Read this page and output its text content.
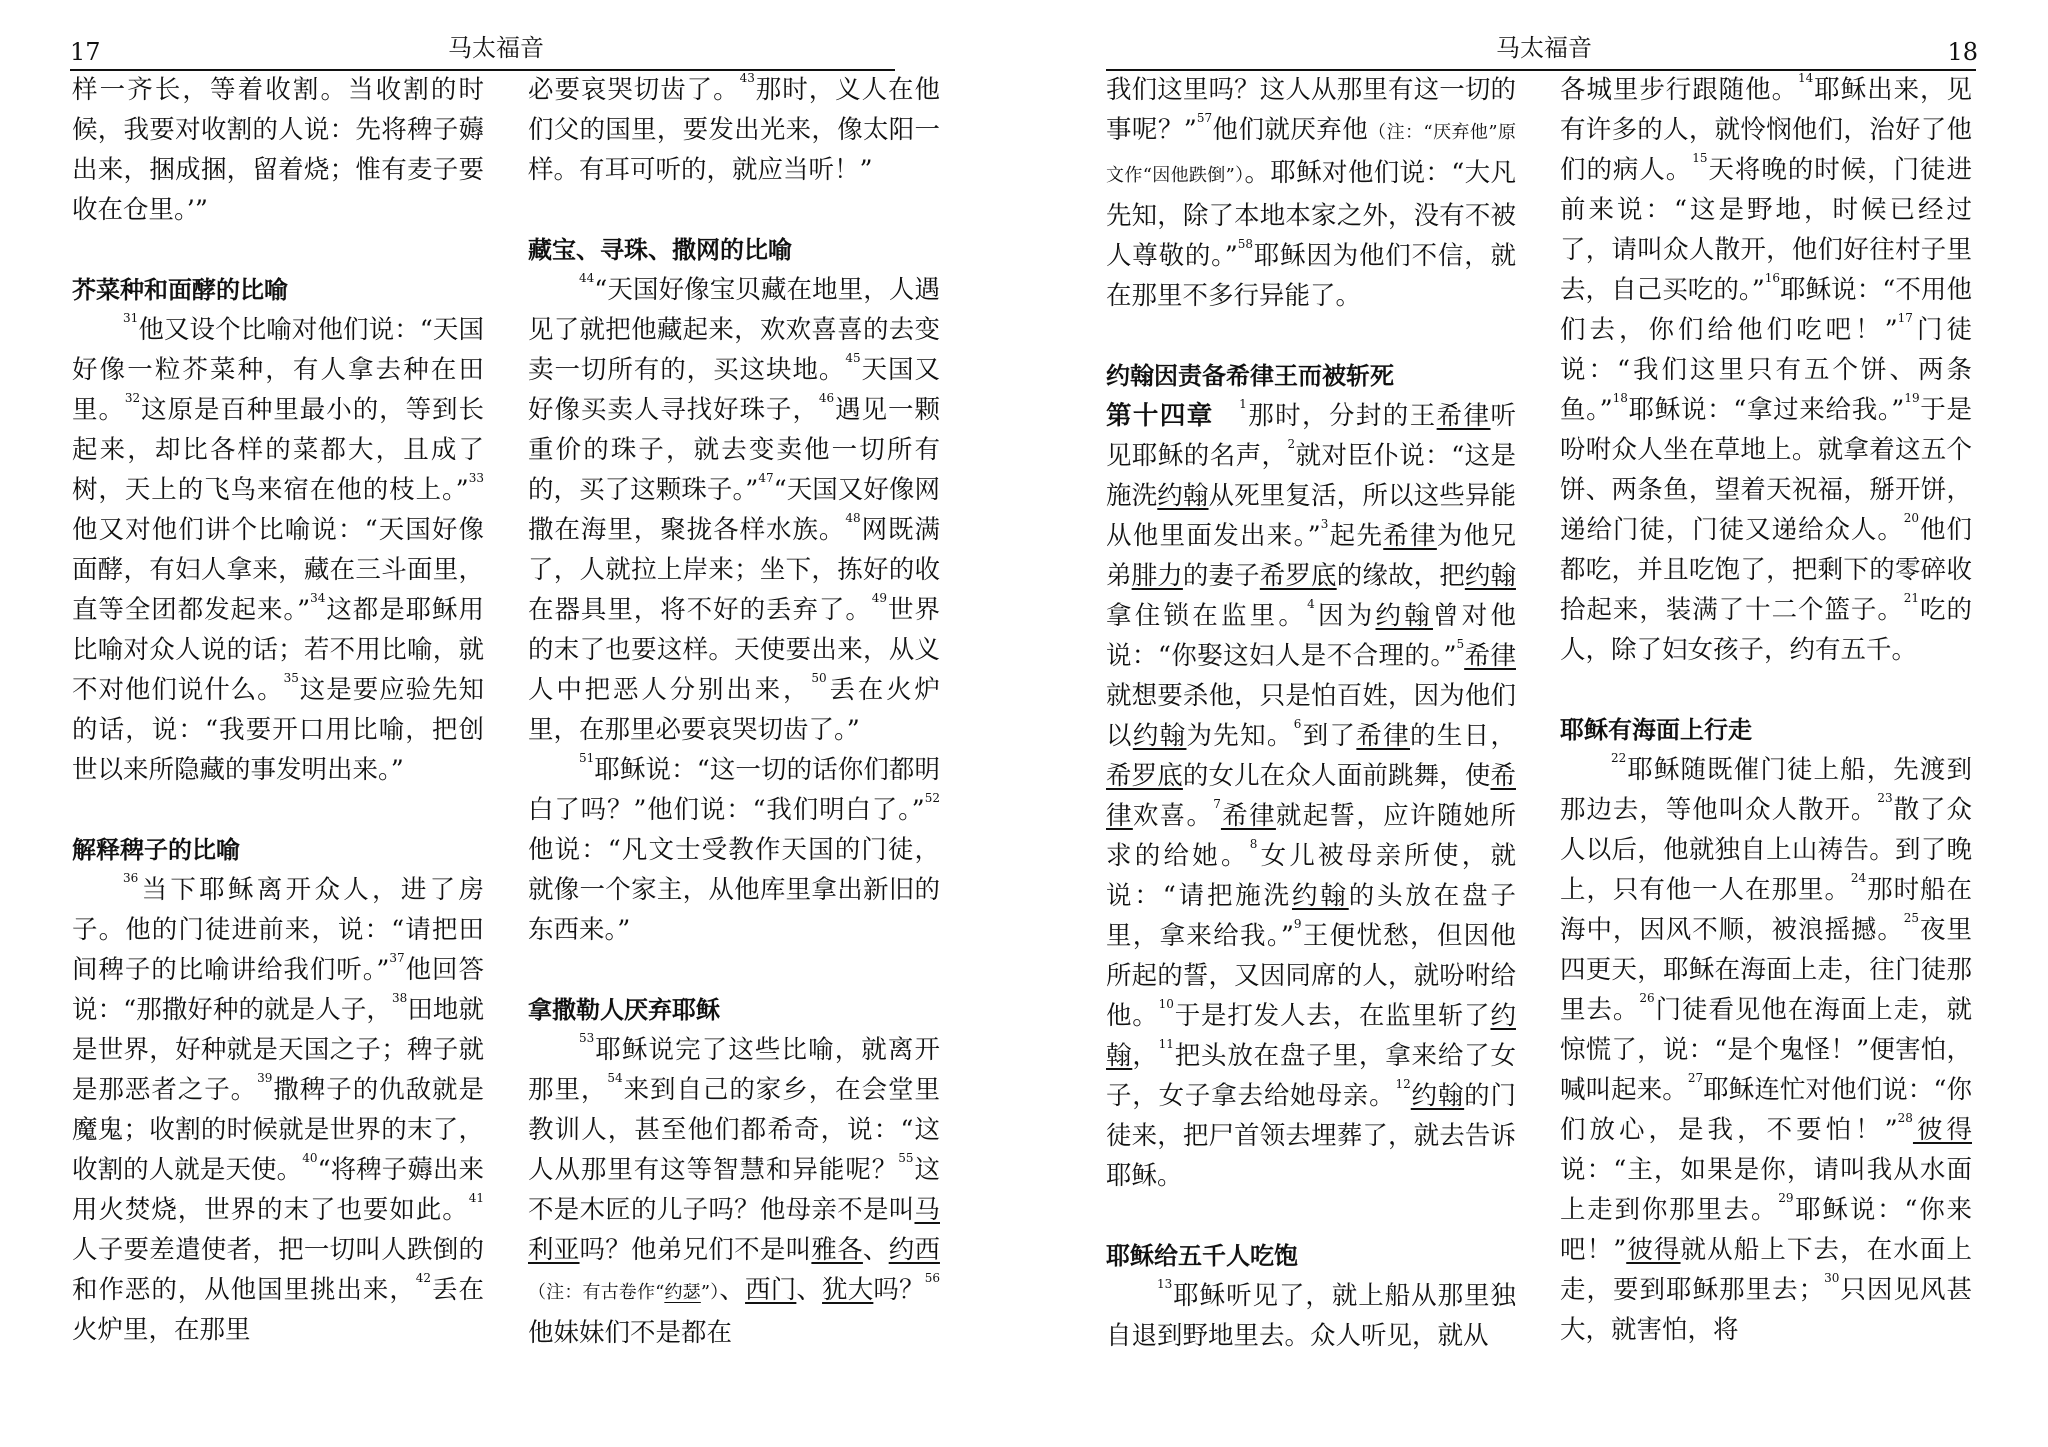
17	马太福音

样一齐长，等着收割。当收割的时候，我要对收割的人说：先将稗子薅出来，捆成捆，留着烧；惟有麦子要收在仓里。’”

芥菜种和面酵的比喻

$^{31}$他又设个比喻对他们说：“天国好像一粒芥菜种，有人拿去种在田里。$^{32}$这原是百种里最小的，等到长起来，却比各样的菜都大，且成了树，天上的飞鸟来宿在他的枝上。”$^{33}$他又对他们讲个比喻说：“天国好像面酵，有妇人拿来，藏在三斗面里，直等全团都发起来。”$^{34}$这都是耶稣用比喻对众人说的话；若不用比喻，就不对他们说什么。$^{35}$这是要应验先知的话，说：“我要开口用比喻，把创世以来所隐藏的事发明出来。”

解释稗子的比喻

$^{36}$当下耶稣离开众人，进了房子。他的门徒进前来，说：“请把田间稗子的比喻讲给我们听。”$^{37}$他回答说：“那撒好种的就是人子，$^{38}$田地就是世界，好种就是天国之子；稗子就是那恶者之子。$^{39}$撒稗子的仇敌就是魔鬼；收割的时候就是世界的末了，收割的人就是天使。$^{40}$“将稗子薅出来用火焚烧，世界的末了也要如此。$^{41}$人子要差遣使者，把一切叫人跌倒的和作恶的，从他国里挑出来，$^{42}$丢在火炉里，在那里

必要哀哭切齿了。$^{43}$那时，义人在他们父的国里，要发出光来，像太阳一样。有耳可听的，就应当听！”

藏宝、寻珠、撒网的比喻

$^{44}$“天国好像宝贝藏在地里，人遇见了就把他藏起来，欢欢喜喜的去变卖一切所有的，买这块地。$^{45}$天国又好像买卖人寻找好珠子，$^{46}$遇见一颗重价的珠子，就去变卖他一切所有的，买了这颗珠子。”$^{47}$“天国又好像网撒在海里，聚拢各样水族。$^{48}$网既满了，人就拉上岸来；坐下，拣好的收在器具里，将不好的丢弃了。$^{49}$世界的末了也要这样。天使要出来，从义人中把恶人分别出来，$^{50}$丢在火炉里，在那里必要哀哭切齿了。”

$^{51}$耶稣说：“这一切的话你们都明白了吗？”他们说：“我们明白了。”$^{52}$他说：“凡文士受教作天国的门徒，就像一个家主，从他库里拿出新旧的东西来。”

拿撒勒人厌弃耶稣

$^{53}$耶稣说完了这些比喻，就离开那里，$^{54}$来到自己的家乡，在会堂里教训人，甚至他们都希奇，说：“这人从那里有这等智慧和异能呢？$^{55}$这不是木匠的儿子吗？他母亲不是叫马利亚吗？他弟兄们不是叫雅各、约西（注：有古卷作“约瑟”）、西门、犹大吗？$^{56}$他妹妹们不是都在

马太福音	18

我们这里吗？这人从那里有这一切的事呢？”$^{57}$他们就厌弃他（注：“厌弃他”原文作“因他跌倒”）。耶稣对他们说：“大凡先知，除了本地本家之外，没有不被人尊敬的。”$^{58}$耶稣因为他们不信，就在那里不多行异能了。

约翰因责备希律王而被斩死

第十四章  $^1$那时，分封的王希律听见耶稣的名声，$^2$就对臣仆说：“这是施洗约翰从死里复活，所以这些异能从他里面发出来。”$^3$起先希律为他兄弟腓力的妻子希罗底的缘故，把约翰拿住锁在监里。$^4$因为约翰曾对他说：“你娶这妇人是不合理的。”$^5$希律就想要杀他，只是怕百姓，因为他们以约翰为先知。$^6$到了希律的生日，希罗底的女儿在众人面前跳舞，使希律欢喜。$^7$希律就起誓，应许随她所求的给她。$^8$女儿被母亲所使，就说：“请把施洗约翰的头放在盘子里，拿来给我。”$^9$王便忧愁，但因他所起的誓，又因同席的人，就吩咐给他。$^{10}$于是打发人去，在监里斩了约翰，$^{11}$把头放在盘子里，拿来给了女子，女子拿去给她母亲。$^{12}$约翰的门徒来，把尸首领去埋葬了，就去告诉耶稣。

耶稣给五千人吃饱

$^{13}$耶稣听见了，就上船从那里独自退到野地里去。众人听见，就从

各城里步行跟随他。$^{14}$耶稣出来，见有许多的人，就怜悯他们，治好了他们的病人。$^{15}$天将晚的时候，门徒进前来说：“这是野地，时候已经过了，请叫众人散开，他们好往村子里去，自己买吃的。”$^{16}$耶稣说：“不用他们去，你们给他们吃吧！”$^{17}$门徒说：“我们这里只有五个饼、两条鱼。”$^{18}$耶稣说：“拿过来给我。”$^{19}$于是吩咐众人坐在草地上。就拿着这五个饼、两条鱼，望着天祝福，掰开饼，递给门徒，门徒又递给众人。$^{20}$他们都吃，并且吃饱了，把剩下的零碎收拾起来，装满了十二个篮子。$^{21}$吃的人，除了妇女孩子，约有五千。

耶稣有海面上行走

$^{22}$耶稣随既催门徒上船，先渡到那边去，等他叫众人散开。$^{23}$散了众人以后，他就独自上山祷告。到了晚上，只有他一人在那里。$^{24}$那时船在海中，因风不顺，被浪摇撼。$^{25}$夜里四更天，耶稣在海面上走，往门徒那里去。$^{26}$门徒看见他在海面上走，就惊慌了，说：“是个鬼怪！”便害怕，喊叫起来。$^{27}$耶稣连忙对他们说：“你们放心，是我，不要怕！”$^{28}$彼得说：“主，如果是你，请叫我从水面上走到你那里去。$^{29}$耶稣说：“你来吧！”彼得就从船上下去，在水面上走，要到耶稣那里去；$^{30}$只因见风甚大，就害怕，将
